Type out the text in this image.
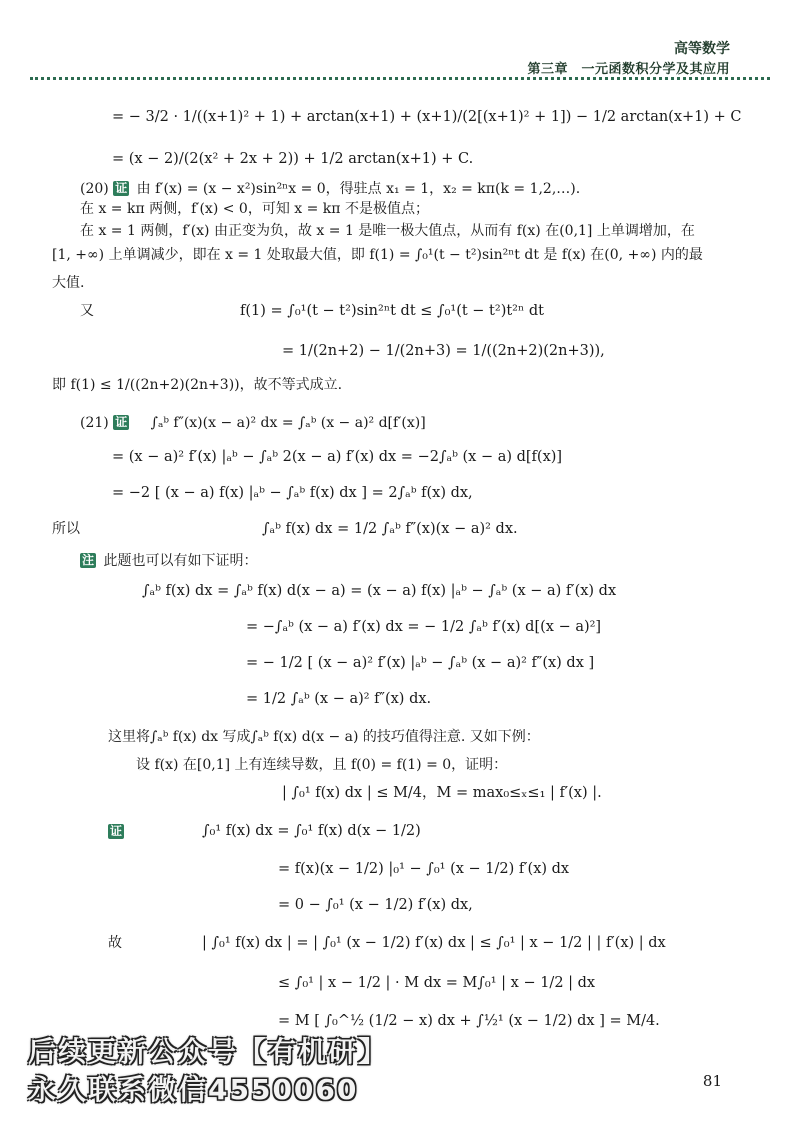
高等数学
第三章　一元函数积分学及其应用
= − 3/2 · 1/((x+1)² + 1) + arctan(x+1) + (x+1)/(2[(x+1)² + 1]) − 1/2 arctan(x+1) + C
= (x − 2)/(2(x² + 2x + 2)) + 1/2 arctan(x+1) + C.
(20) 证 由 f′(x) = (x − x²)sin²ⁿx = 0，得驻点 x₁ = 1，x₂ = kπ(k = 1,2,…).
在 x = kπ 两侧，f′(x) < 0，可知 x = kπ 不是极值点；
在 x = 1 两侧，f′(x) 由正变为负，故 x = 1 是唯一极大值点，从而有 f(x) 在(0,1] 上单调增加，在
[1, +∞) 上单调减少，即在 x = 1 处取最大值，即 f(1) = ∫₀¹(t − t²)sin²ⁿt dt 是 f(x) 在(0, +∞) 内的最
大值.
又	f(1) = ∫₀¹(t − t²)sin²ⁿt dt ≤ ∫₀¹(t − t²)t²ⁿ dt
= 1/(2n+2) − 1/(2n+3) = 1/((2n+2)(2n+3)),
即 f(1) ≤ 1/((2n+2)(2n+3))，故不等式成立.
(21) 证 ∫ₐᵇ f″(x)(x − a)² dx = ∫ₐᵇ (x − a)² d[f′(x)]
= (x − a)² f′(x) |ₐᵇ − ∫ₐᵇ 2(x − a) f′(x) dx = −2∫ₐᵇ (x − a) d[f(x)]
= −2 [ (x − a) f(x) |ₐᵇ − ∫ₐᵇ f(x) dx ] = 2∫ₐᵇ f(x) dx,
所以	∫ₐᵇ f(x) dx = 1/2 ∫ₐᵇ f″(x)(x − a)² dx.
注 此题也可以有如下证明：
∫ₐᵇ f(x) dx = ∫ₐᵇ f(x) d(x − a) = (x − a) f(x) |ₐᵇ − ∫ₐᵇ (x − a) f′(x) dx
= −∫ₐᵇ (x − a) f′(x) dx = − 1/2 ∫ₐᵇ f′(x) d[(x − a)²]
= − 1/2 [ (x − a)² f′(x) |ₐᵇ − ∫ₐᵇ (x − a)² f″(x) dx ]
= 1/2 ∫ₐᵇ (x − a)² f″(x) dx.
这里将∫ₐᵇ f(x) dx 写成∫ₐᵇ f(x) d(x − a) 的技巧值得注意. 又如下例：
设 f(x) 在[0,1] 上有连续导数，且 f(0) = f(1) = 0，证明：
| ∫₀¹ f(x) dx | ≤ M/4，M = max₀≤ₓ≤₁ | f′(x) |.
证	∫₀¹ f(x) dx = ∫₀¹ f(x) d(x − 1/2)
= f(x)(x − 1/2) |₀¹ − ∫₀¹ (x − 1/2) f′(x) dx
= 0 − ∫₀¹ (x − 1/2) f′(x) dx,
故	| ∫₀¹ f(x) dx | = | ∫₀¹ (x − 1/2) f′(x) dx | ≤ ∫₀¹ | x − 1/2 | | f′(x) | dx
≤ ∫₀¹ | x − 1/2 | · M dx = M∫₀¹ | x − 1/2 | dx
= M [ ∫₀^½ (1/2 − x) dx + ∫½¹ (x − 1/2) dx ] = M/4.
后续更新公众号【有机研】
永久联系微信4550060	81
